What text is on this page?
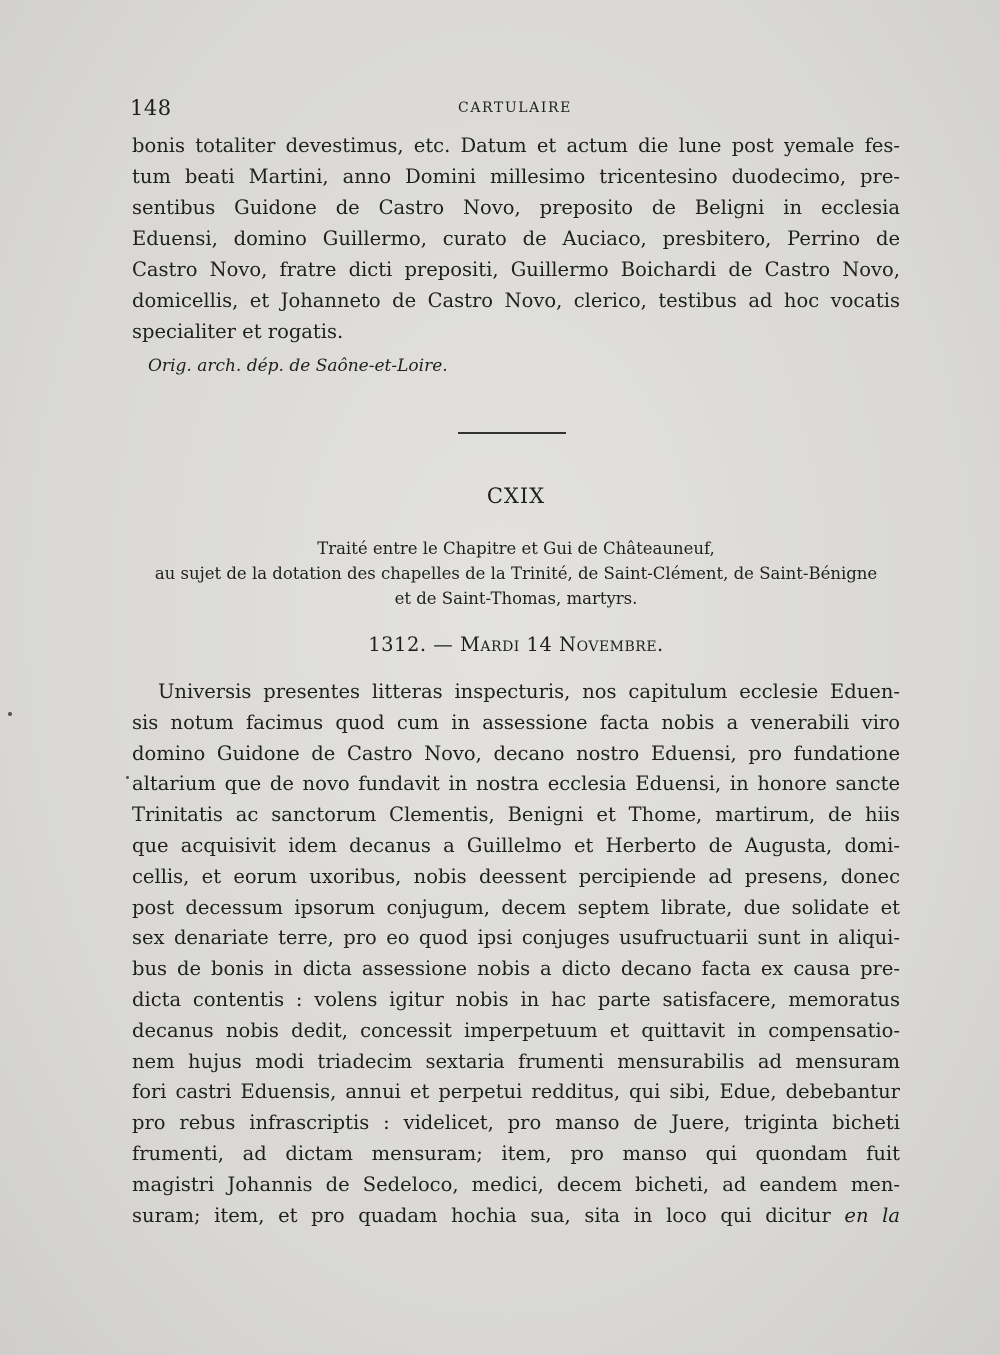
148	CARTULAIRE
bonis totaliter devestimus, etc. Datum et actum die lune post yemale fes-
tum beati Martini, anno Domini millesimo tricentesino duodecimo, pre-
sentibus Guidone de Castro Novo, preposito de Beligni in ecclesia
Eduensi, domino Guillermo, curato de Auciaco, presbitero, Perrino de
Castro Novo, fratre dicti prepositi, Guillermo Boichardi de Castro Novo,
domicellis, et Johanneto de Castro Novo, clerico, testibus ad hoc vocatis
specialiter et rogatis.
Orig. arch. dép. de Saône-et-Loire.
CXIX
Traité entre le Chapitre et Gui de Châteauneuf,
au sujet de la dotation des chapelles de la Trinité, de Saint-Clément, de Saint-Bénigne
et de Saint-Thomas, martyrs.
1312. — Mardi 14 Novembre.
Universis presentes litteras inspecturis, nos capitulum ecclesie Eduen-
sis notum facimus quod cum in assessione facta nobis a venerabili viro
domino Guidone de Castro Novo, decano nostro Eduensi, pro fundatione
altarium que de novo fundavit in nostra ecclesia Eduensi, in honore sancte
Trinitatis ac sanctorum Clementis, Benigni et Thome, martirum, de hiis
que acquisivit idem decanus a Guillelmo et Herberto de Augusta, domi-
cellis, et eorum uxoribus, nobis deessent percipiende ad presens, donec
post decessum ipsorum conjugum, decem septem librate, due solidate et
sex denariate terre, pro eo quod ipsi conjuges usufructuarii sunt in aliqui-
bus de bonis in dicta assessione nobis a dicto decano facta ex causa pre-
dicta contentis : volens igitur nobis in hac parte satisfacere, memoratus
decanus nobis dedit, concessit imperpetuum et quittavit in compensatio-
nem hujus modi triadecim sextaria frumenti mensurabilis ad mensuram
fori castri Eduensis, annui et perpetui redditus, qui sibi, Edue, debebantur
pro rebus infrascriptis : videlicet, pro manso de Juere, triginta bicheti
frumenti, ad dictam mensuram; item, pro manso qui quondam fuit
magistri Johannis de Sedeloco, medici, decem bicheti, ad eandem men-
suram; item, et pro quadam hochia sua, sita in loco qui dicitur en la
